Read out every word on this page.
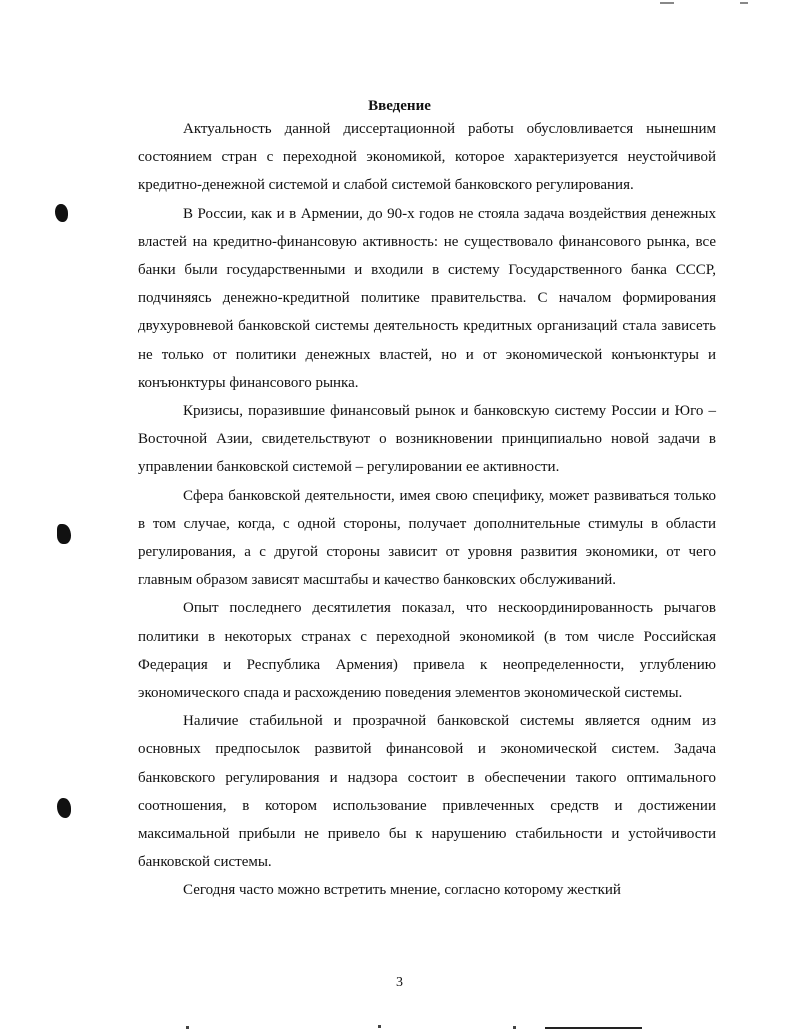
Введение

Актуальность данной диссертационной работы обусловливается нынешним состоянием стран с переходной экономикой, которое характеризуется неустойчивой кредитно-денежной системой и слабой системой банковского регулирования.

В России, как и в Армении, до 90-х годов не стояла задача воздействия денежных властей на кредитно-финансовую активность: не существовало финансового рынка, все банки были государственными и входили в систему Государственного банка СССР, подчиняясь денежно-кредитной политике правительства. С началом формирования двухуровневой банковской системы деятельность кредитных организаций стала зависеть не только от политики денежных властей, но и от экономической конъюнктуры и конъюнктуры финансового рынка.

Кризисы, поразившие финансовый рынок и банковскую систему России и Юго – Восточной Азии, свидетельствуют о возникновении принципиально новой задачи в управлении банковской системой – регулировании ее активности.

Сфера банковской деятельности, имея свою специфику, может развиваться только в том случае, когда, с одной стороны, получает дополнительные стимулы в области регулирования, а с другой стороны зависит от уровня развития экономики, от чего главным образом зависят масштабы и качество банковских обслуживаний.

Опыт последнего десятилетия показал, что нескоординированность рычагов политики в некоторых странах с переходной экономикой (в том числе Российская Федерация и Республика Армения) привела к неопределенности, углублению экономического спада и расхождению поведения элементов экономической системы.

Наличие стабильной и прозрачной банковской системы является одним из основных предпосылок развитой финансовой и экономической систем. Задача банковского регулирования и надзора состоит в обеспечении такого оптимального соотношения, в котором использование привлеченных средств и достижении максимальной прибыли не привело бы к нарушению стабильности и устойчивости банковской системы.

Сегодня часто можно встретить мнение, согласно которому жесткий

3
